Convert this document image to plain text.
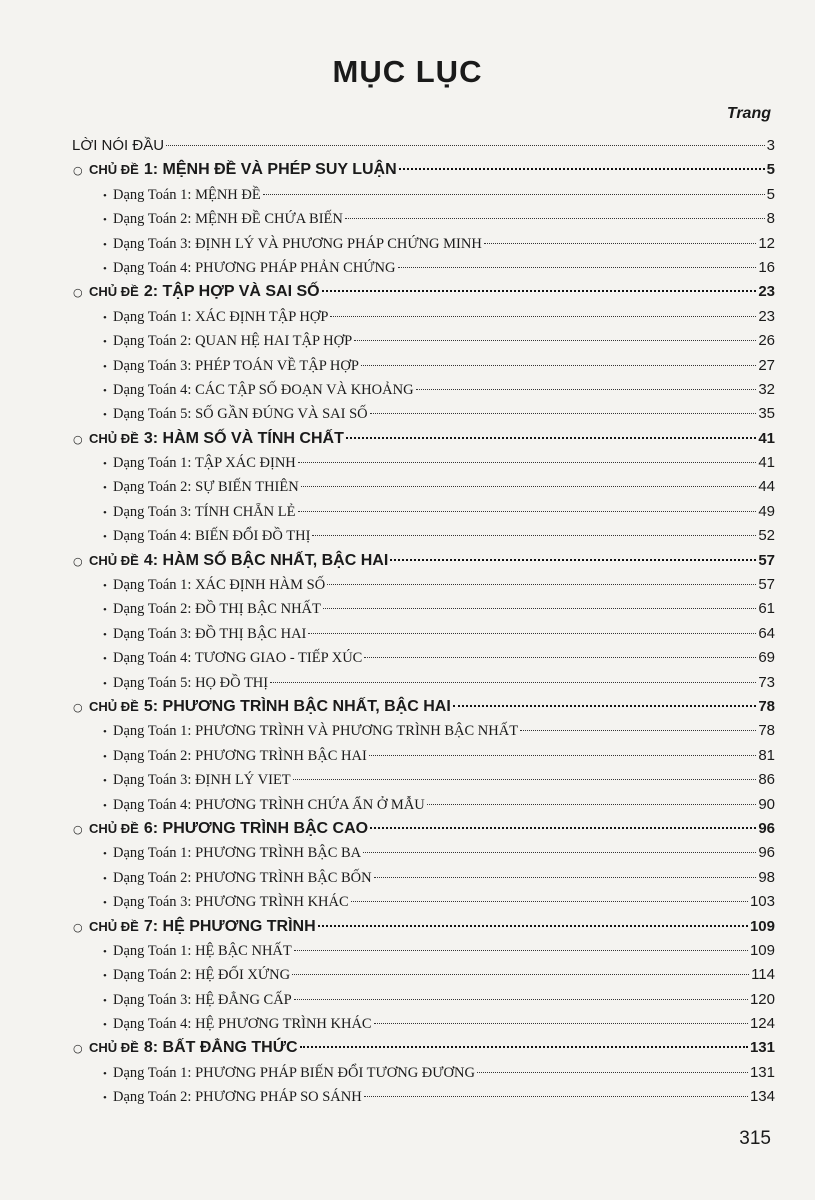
MỤC LỤC
Trang
LỜI NÓI ĐẦU	3
○ CHỦ ĐỀ 1: MỆNH ĐỀ VÀ PHÉP SUY LUẬN	5
• Dạng Toán 1: MỆNH ĐỀ	5
• Dạng Toán 2: MỆNH ĐỀ CHỨA BIẾN	8
• Dạng Toán 3: ĐỊNH LÝ VÀ PHƯƠNG PHÁP CHỨNG MINH	12
• Dạng Toán 4: PHƯƠNG PHÁP PHẢN CHỨNG	16
○ CHỦ ĐỀ 2: TẬP HỢP VÀ SAI SỐ	23
• Dạng Toán 1: XÁC ĐỊNH TẬP HỢP	23
• Dạng Toán 2: QUAN HỆ HAI TẬP HỢP	26
• Dạng Toán 3: PHÉP TOÁN VỀ TẬP HỢP	27
• Dạng Toán 4: CÁC TẬP SỐ ĐOẠN VÀ KHOẢNG	32
• Dạng Toán 5: SỐ GẦN ĐÚNG VÀ SAI SỐ	35
○ CHỦ ĐỀ 3: HÀM SỐ VÀ TÍNH CHẤT	41
• Dạng Toán 1: TẬP XÁC ĐỊNH	41
• Dạng Toán 2: SỰ BIẾN THIÊN	44
• Dạng Toán 3: TÍNH CHẴN LẺ	49
• Dạng Toán 4: BIẾN ĐỔI ĐỒ THỊ	52
○ CHỦ ĐỀ 4: HÀM SỐ BẬC NHẤT, BẬC HAI	57
• Dạng Toán 1: XÁC ĐỊNH HÀM SỐ	57
• Dạng Toán 2: ĐỒ THỊ BẬC NHẤT	61
• Dạng Toán 3: ĐỒ THỊ BẬC HAI	64
• Dạng Toán 4: TƯƠNG GIAO - TIẾP XÚC	69
• Dạng Toán 5: HỌ ĐỒ THỊ	73
○ CHỦ ĐỀ 5: PHƯƠNG TRÌNH BẬC NHẤT, BẬC HAI	78
• Dạng Toán 1: PHƯƠNG TRÌNH VÀ PHƯƠNG TRÌNH BẬC NHẤT	78
• Dạng Toán 2: PHƯƠNG TRÌNH BẬC HAI	81
• Dạng Toán 3: ĐỊNH LÝ VIET	86
• Dạng Toán 4: PHƯƠNG TRÌNH CHỨA ẨN Ở MẪU	90
○ CHỦ ĐỀ 6: PHƯƠNG TRÌNH BẬC CAO	96
• Dạng Toán 1: PHƯƠNG TRÌNH BẬC BA	96
• Dạng Toán 2: PHƯƠNG TRÌNH BẬC BỐN	98
• Dạng Toán 3: PHƯƠNG TRÌNH KHÁC	103
○ CHỦ ĐỀ 7: HỆ PHƯƠNG TRÌNH	109
• Dạng Toán 1: HỆ BẬC NHẤT	109
• Dạng Toán 2: HỆ ĐỐI XỨNG	114
• Dạng Toán 3: HỆ ĐẲNG CẤP	120
• Dạng Toán 4: HỆ PHƯƠNG TRÌNH KHÁC	124
○ CHỦ ĐỀ 8: BẤT ĐẲNG THỨC	131
• Dạng Toán 1: PHƯƠNG PHÁP BIẾN ĐỔI TƯƠNG ĐƯƠNG	131
• Dạng Toán 2: PHƯƠNG PHÁP SO SÁNH	134
315
